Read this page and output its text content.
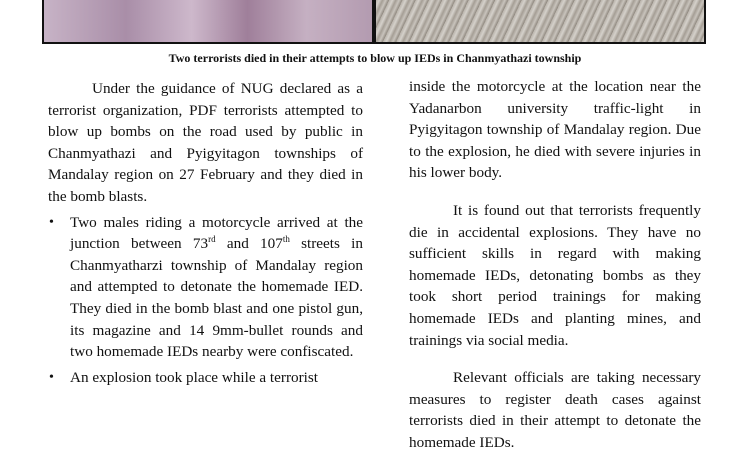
Two terrorists died in their attempts to blow up IEDs in Chanmyathazi township

Under the guidance of NUG declared as a terrorist organization, PDF terrorists attempted to blow up bombs on the road used by public in Chanmyathazi and Pyigyitagon townships of Mandalay region on 27 February and they died in the bomb blasts.

• Two males riding a motorcycle arrived at the junction between 73rd and 107th streets in Chanmyatharzi township of Mandalay region and attempted to detonate the homemade IED. They died in the bomb blast and one pistol gun, its magazine and 14 9mm-bullet rounds and two homemade IEDs nearby were confiscated.
• An explosion took place while a terrorist

inside the motorcycle at the location near the Yadanarbon university traffic-light in Pyigyitagon township of Mandalay region. Due to the explosion, he died with severe injuries in his lower body.

It is found out that terrorists frequently die in accidental explosions. They have no sufficient skills in regard with making homemade IEDs, detonating bombs as they took short period trainings for making homemade IEDs and planting mines, and trainings via social media.

Relevant officials are taking necessary measures to register death cases against terrorists died in their attempt to detonate the homemade IEDs.
